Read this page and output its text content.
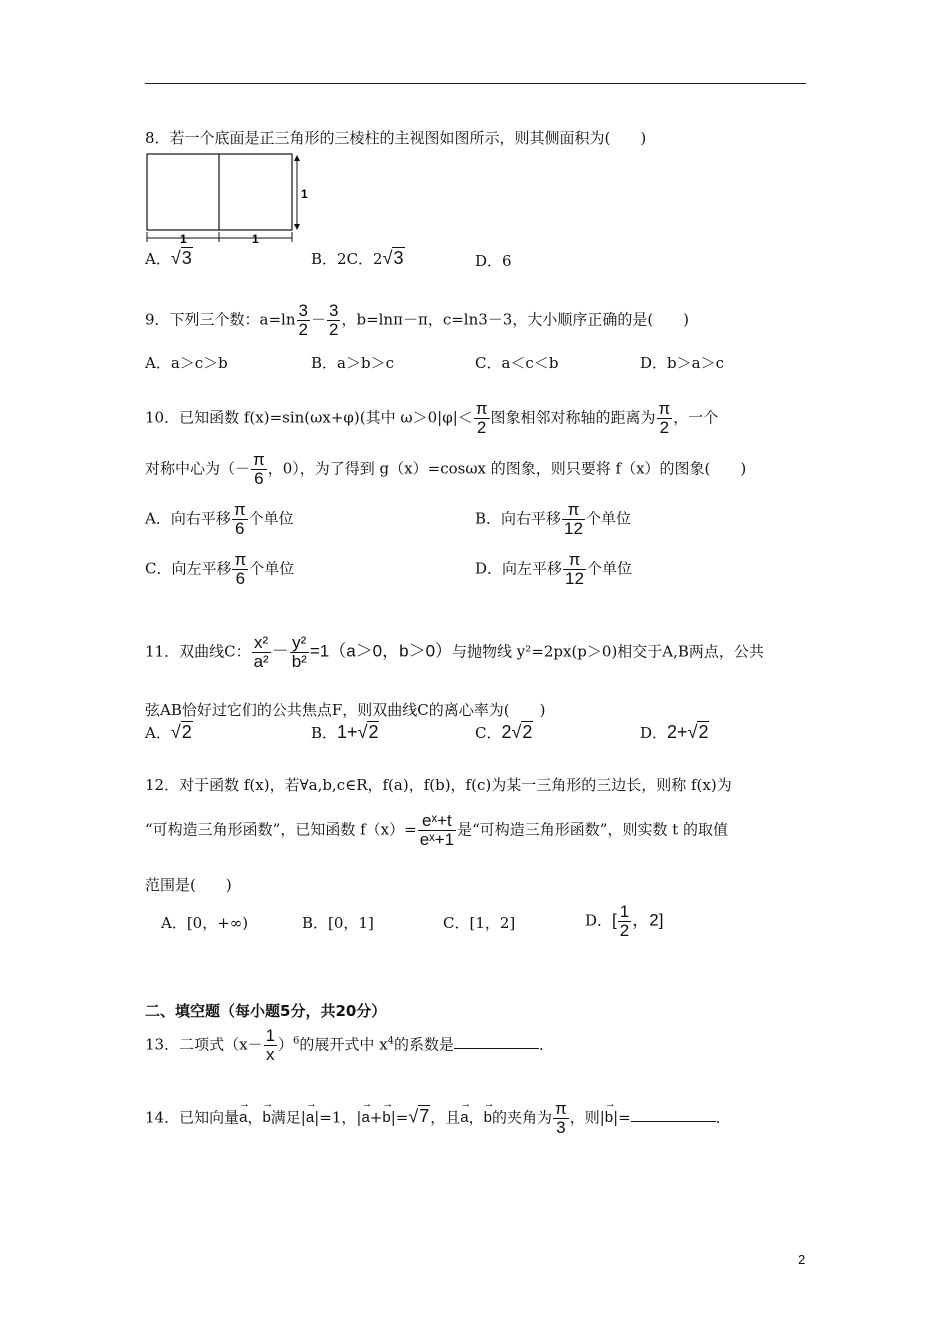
8．若一个底面是正三角形的三棱柱的主视图如图所示，则其侧面积为(　　)
1
1	1
A．√3	B．2C．2√3	D．6
9．下列三个数：$a=\ln \frac{3}{2} - \frac{3}{2}$ ，b=lnπ－π，c=ln3－3，大小顺序正确的是(　　)
A．a＞c＞b	B．a＞b＞c	C．a＜c＜b	D．b＞a＞c
10．已知函数 f(x)=sin(ωx+φ)(其中 $\omega>0|\varphi|< \frac{\pi}{2}$ 图象相邻对称轴的距离为 $\frac{\pi}{2}$ ，一个
对称中心为（－ $\frac{\pi}{6}$ ，0），为了得到 g（x）=cosωx 的图象，则只要将 f（x）的图象(　　)
A．向右平移 $\frac{\pi}{6}$ 个单位	B．向右平移 $\frac{\pi}{12}$ 个单位
C．向左平移 $\frac{\pi}{6}$ 个单位	D．向左平移 $\frac{\pi}{12}$ 个单位
11．双曲线C： $\frac{\text{x²}}{\text{a²}} - \frac{\text{y²}}{\text{b²}} =1(a>0$，b＞0）与抛物线 y²=2px(p＞0)相交于A,B两点，公共
弦AB恰好过它们的公共焦点F，则双曲线C的离心率为(　　)
A．√2	B．1+√2	C．2√2	D．2+√2
12．对于函数 f(x)，若∀a,b,c∈R，f(a)，f(b)，f(c)为某一三角形的三边长，则称 f(x)为
“可构造三角形函数”，已知函数 $f(x)= \frac{\text{eˣ+t}}{\text{eˣ+1}}$ 是“可构造三角形函数”，则实数 t 的取值
范围是(　　)
A．[0，+∞)	B．[0，1]	C．[1，2]	D．[ $\frac{1}{2}$ ，2]
二、填空题（每小题5分，共20分）
13．二项式$(x- \frac{1}{x} )^6$的展开式中 $x^4$的系数是	．
14．已知向量→ a，→ b满足|→ a|=1，|→ a+→ b|=√7，且→ a，→ b的夹角为 $\frac{\pi}{3}$ ，则|→ b|=	．
2
